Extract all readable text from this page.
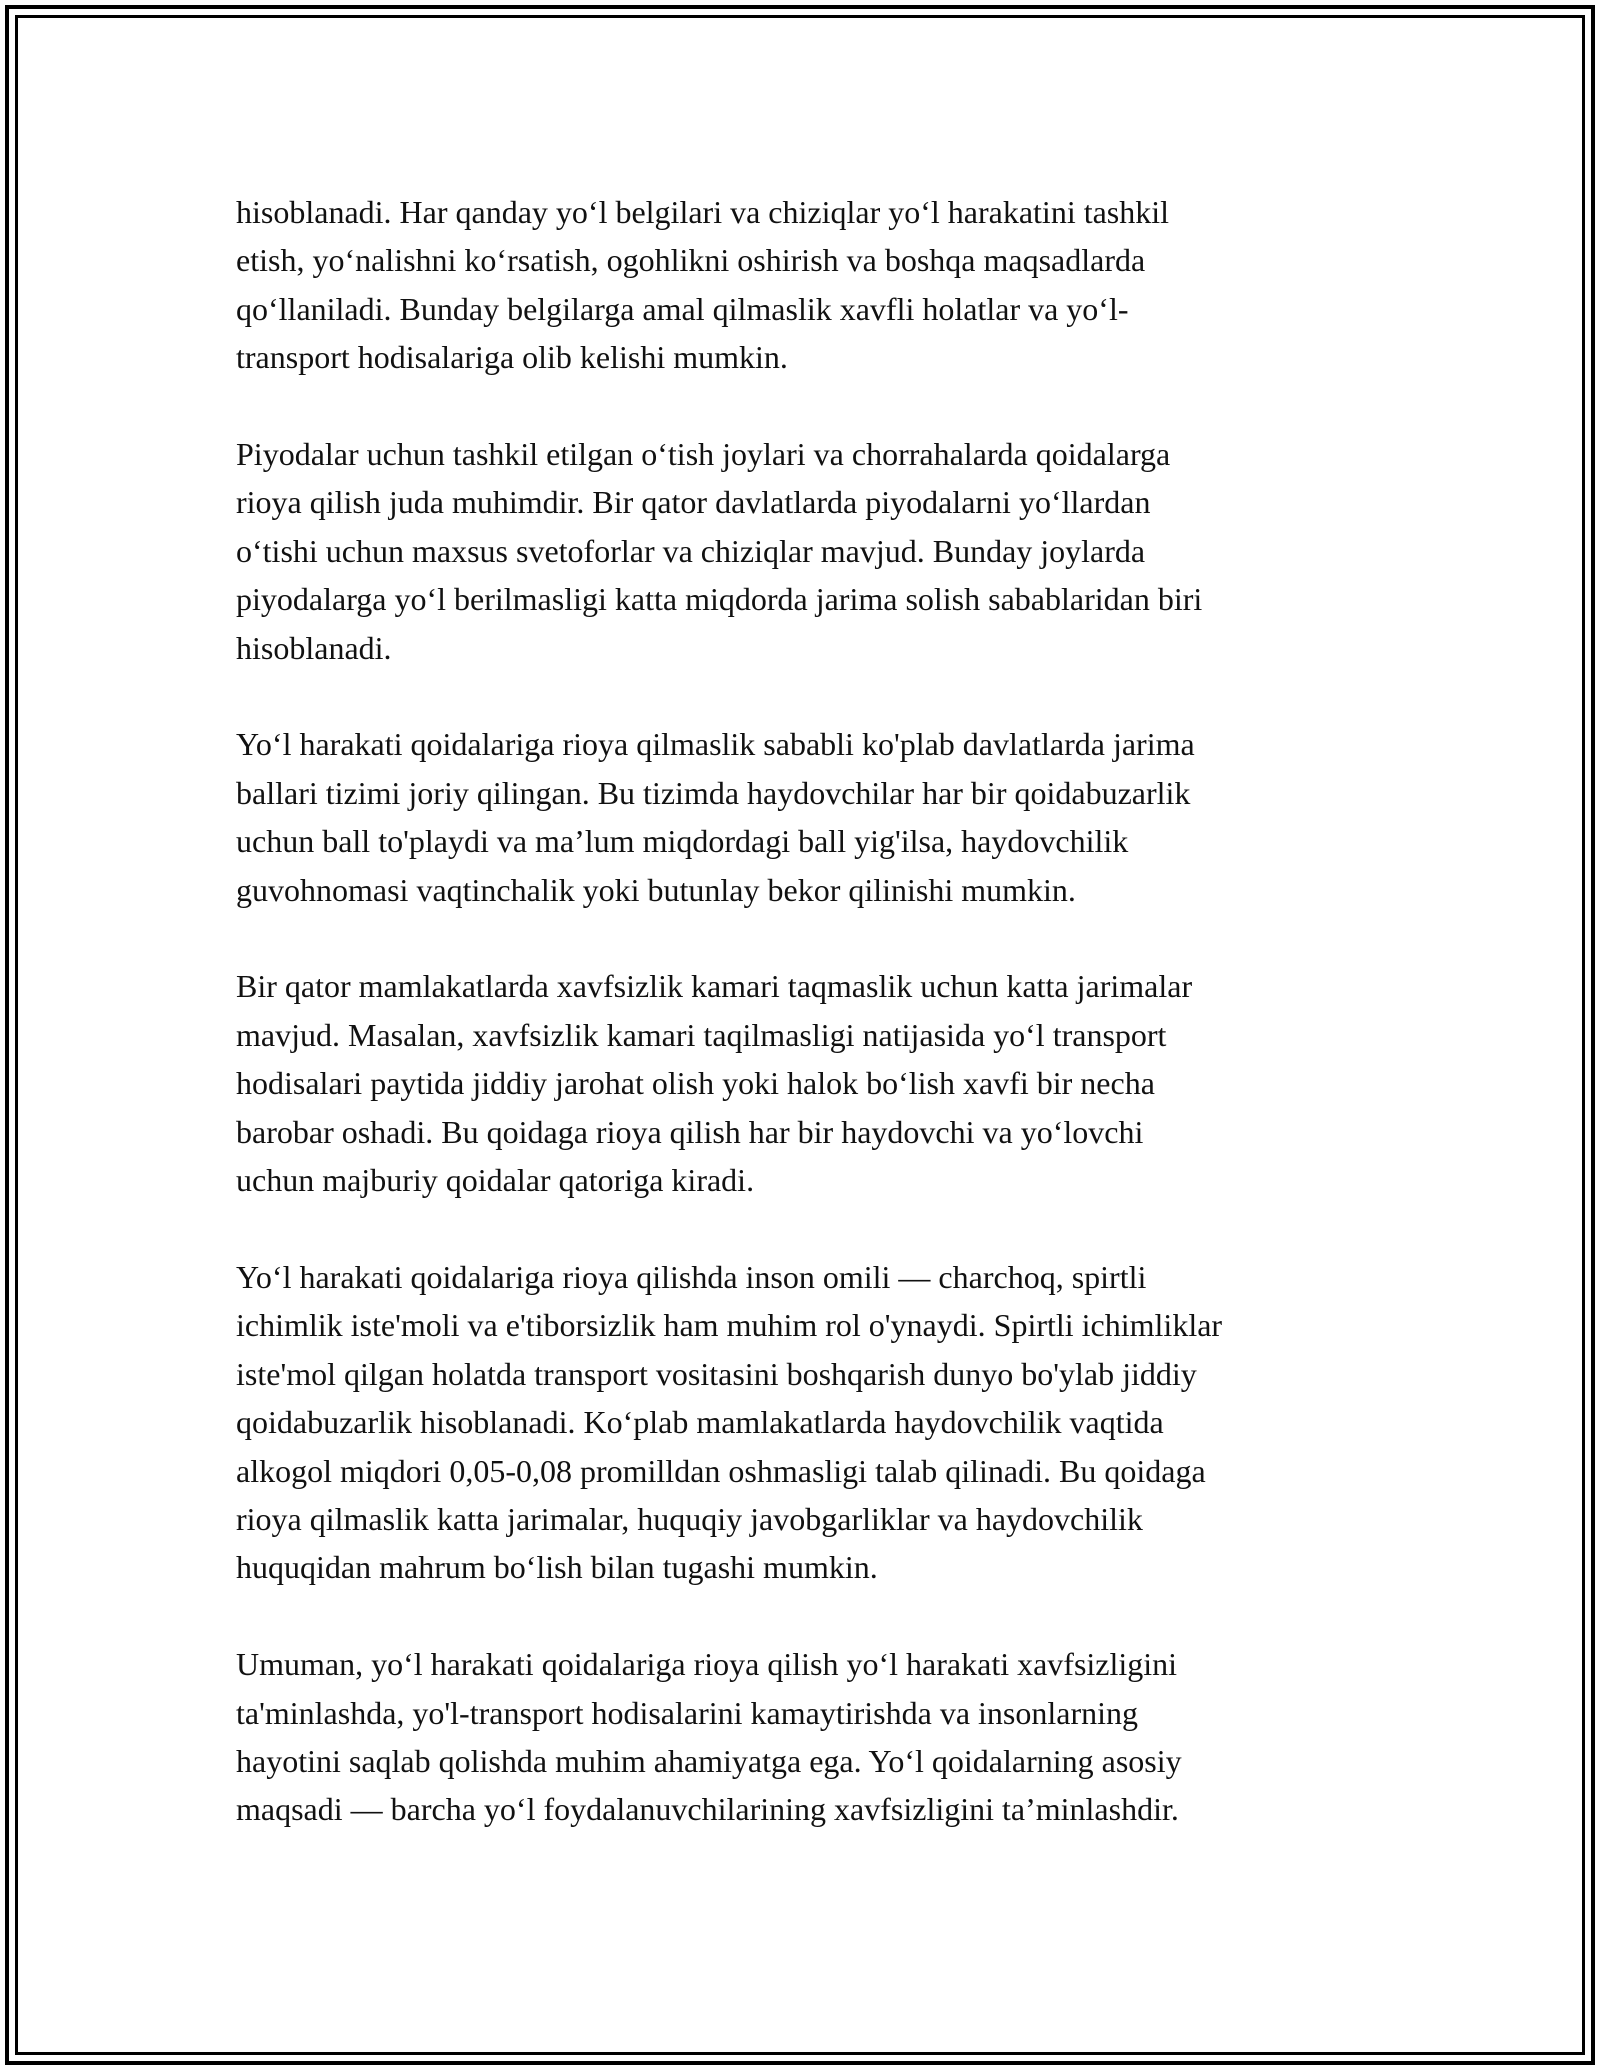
hisoblanadi. Har qanday yo‘l belgilari va chiziqlar yo‘l harakatini tashkil
etish, yo‘nalishni ko‘rsatish, ogohlikni oshirish va boshqa maqsadlarda
qo‘llaniladi. Bunday belgilarga amal qilmaslik xavfli holatlar va yo‘l-
transport hodisalariga olib kelishi mumkin.

Piyodalar uchun tashkil etilgan o‘tish joylari va chorrahalarda qoidalarga
rioya qilish juda muhimdir. Bir qator davlatlarda piyodalarni yo‘llardan
o‘tishi uchun maxsus svetoforlar va chiziqlar mavjud. Bunday joylarda
piyodalarga yo‘l berilmasligi katta miqdorda jarima solish sabablaridan biri
hisoblanadi.

Yo‘l harakati qoidalariga rioya qilmaslik sababli ko'plab davlatlarda jarima
ballari tizimi joriy qilingan. Bu tizimda haydovchilar har bir qoidabuzarlik
uchun ball to'playdi va ma’lum miqdordagi ball yig'ilsa, haydovchilik
guvohnomasi vaqtinchalik yoki butunlay bekor qilinishi mumkin.

Bir qator mamlakatlarda xavfsizlik kamari taqmaslik uchun katta jarimalar
mavjud. Masalan, xavfsizlik kamari taqilmasligi natijasida yo‘l transport
hodisalari paytida jiddiy jarohat olish yoki halok bo‘lish xavfi bir necha
barobar oshadi. Bu qoidaga rioya qilish har bir haydovchi va yo‘lovchi
uchun majburiy qoidalar qatoriga kiradi.

Yo‘l harakati qoidalariga rioya qilishda inson omili — charchoq, spirtli
ichimlik iste'moli va e'tiborsizlik ham muhim rol o'ynaydi. Spirtli ichimliklar
iste'mol qilgan holatda transport vositasini boshqarish dunyo bo'ylab jiddiy
qoidabuzarlik hisoblanadi. Ko‘plab mamlakatlarda haydovchilik vaqtida
alkogol miqdori 0,05-0,08 promilldan oshmasligi talab qilinadi. Bu qoidaga
rioya qilmaslik katta jarimalar, huquqiy javobgarliklar va haydovchilik
huquqidan mahrum bo‘lish bilan tugashi mumkin.

Umuman, yo‘l harakati qoidalariga rioya qilish yo‘l harakati xavfsizligini
ta'minlashda, yo'l-transport hodisalarini kamaytirishda va insonlarning
hayotini saqlab qolishda muhim ahamiyatga ega. Yo‘l qoidalarning asosiy
maqsadi — barcha yo‘l foydalanuvchilarining xavfsizligini ta’minlashdir.
